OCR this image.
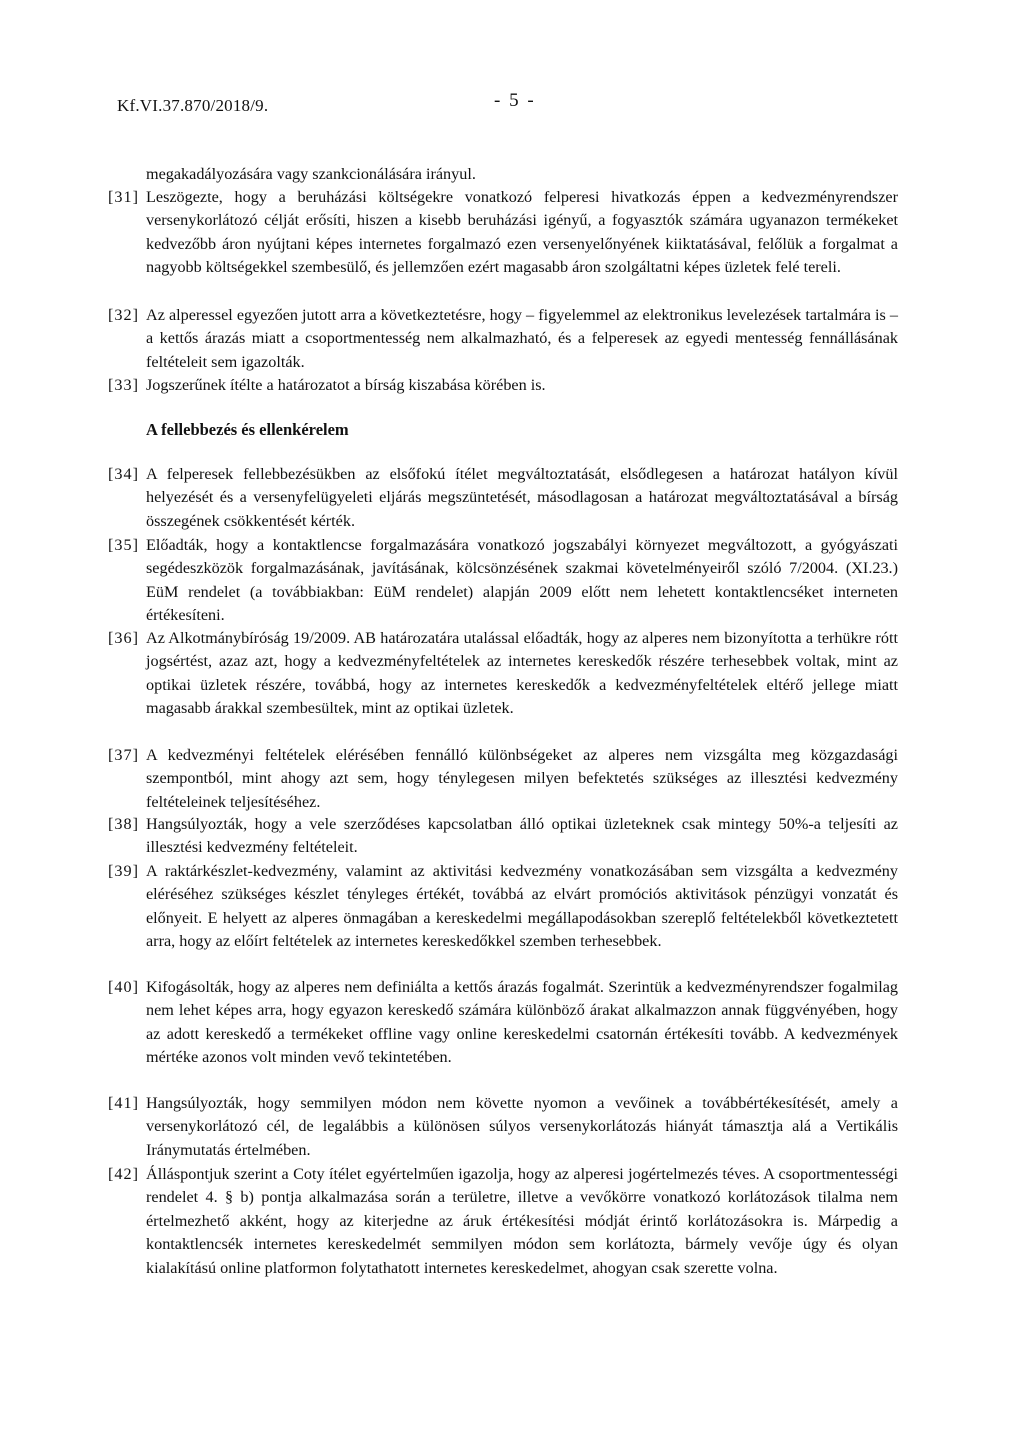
Kf.VI.37.870/2018/9.	- 5 -

megakadályozására vagy szankcionálására irányul.

[31] Leszögezte, hogy a beruházási költségekre vonatkozó felperesi hivatkozás éppen a kedvezményrendszer versenykorlátozó célját erősíti, hiszen a kisebb beruházási igényű, a fogyasztók számára ugyanazon termékeket kedvezőbb áron nyújtani képes internetes forgalmazó ezen versenyelőnyének kiiktatásával, felőlük a forgalmat a nagyobb költségekkel szembesülő, és jellemzően ezért magasabb áron szolgáltatni képes üzletek felé tereli.

[32] Az alperessel egyezően jutott arra a következtetésre, hogy – figyelemmel az elektronikus levelezések tartalmára is – a kettős árazás miatt a csoportmentesség nem alkalmazható, és a felperesek az egyedi mentesség fennállásának feltételeit sem igazolták.

[33] Jogszerűnek ítélte a határozatot a bírság kiszabása körében is.

A fellebbezés és ellenkérelem
[34] A felperesek fellebbezésükben az elsőfokú ítélet megváltoztatását, elsődlegesen a határozat hatályon kívül helyezését és a versenyfelügyeleti eljárás megszüntetését, másodlagosan a határozat megváltoztatásával a bírság összegének csökkentését kérték.

[35] Előadták, hogy a kontaktlencse forgalmazására vonatkozó jogszabályi környezet megváltozott, a gyógyászati segédeszközök forgalmazásának, javításának, kölcsönzésének szakmai követelményeiről szóló 7/2004. (XI.23.) EüM rendelet (a továbbiakban: EüM rendelet) alapján 2009 előtt nem lehetett kontaktlencséket interneten értékesíteni.

[36] Az Alkotmánybíróság 19/2009. AB határozatára utalással előadták, hogy az alperes nem bizonyította a terhükre rótt jogsértést, azaz azt, hogy a kedvezményfeltételek az internetes kereskedők részére terhesebbek voltak, mint az optikai üzletek részére, továbbá, hogy az internetes kereskedők a kedvezményfeltételek eltérő jellege miatt magasabb árakkal szembesültek, mint az optikai üzletek.

[37] A kedvezményi feltételek elérésében fennálló különbségeket az alperes nem vizsgálta meg közgazdasági szempontból, mint ahogy azt sem, hogy ténylegesen milyen befektetés szükséges az illesztési kedvezmény feltételeinek teljesítéséhez.

[38] Hangsúlyozták, hogy a vele szerződéses kapcsolatban álló optikai üzleteknek csak mintegy 50%-a teljesíti az illesztési kedvezmény feltételeit.

[39] A raktárkészlet-kedvezmény, valamint az aktivitási kedvezmény vonatkozásában sem vizsgálta a kedvezmény eléréséhez szükséges készlet tényleges értékét, továbbá az elvárt promóciós aktivitások pénzügyi vonzatát és előnyeit. E helyett az alperes önmagában a kereskedelmi megállapodásokban szereplő feltételekből következtetett arra, hogy az előírt feltételek az internetes kereskedőkkel szemben terhesebbek.

[40] Kifogásolták, hogy az alperes nem definiálta a kettős árazás fogalmát. Szerintük a kedvezményrendszer fogalmilag nem lehet képes arra, hogy egyazon kereskedő számára különböző árakat alkalmazzon annak függvényében, hogy az adott kereskedő a termékeket offline vagy online kereskedelmi csatornán értékesíti tovább. A kedvezmények mértéke azonos volt minden vevő tekintetében.

[41] Hangsúlyozták, hogy semmilyen módon nem követte nyomon a vevőinek a továbbértékesítését, amely a versenykorlátozó cél, de legalábbis a különösen súlyos versenykorlátozás hiányát támasztja alá a Vertikális Iránymutatás értelmében.

[42] Álláspontjuk szerint a Coty ítélet egyértelműen igazolja, hogy az alperesi jogértelmezés téves. A csoportmentességi rendelet 4. § b) pontja alkalmazása során a területre, illetve a vevőkörre vonatkozó korlátozások tilalma nem értelmezhető akként, hogy az kiterjedne az áruk értékesítési módját érintő korlátozásokra is. Márpedig a kontaktlencsék internetes kereskedelmét semmilyen módon sem korlátozta, bármely vevője úgy és olyan kialakítású online platformon folytathatott internetes kereskedelmet, ahogyan csak szerette volna.
